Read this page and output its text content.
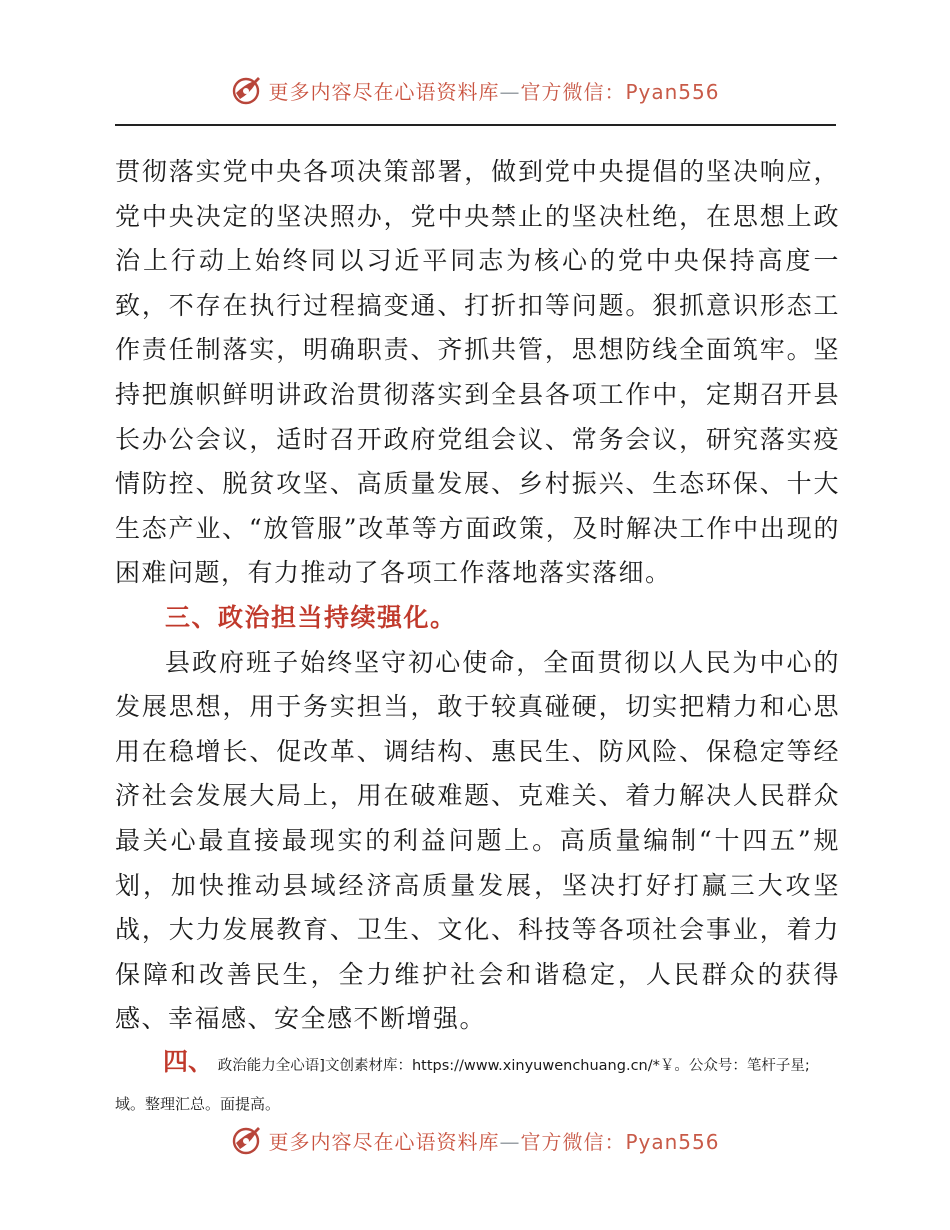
更多内容尽在心语资料库—官方微信：Pyan556

贯彻落实党中央各项决策部署，做到党中央提倡的坚决响应，党中央决定的坚决照办，党中央禁止的坚决杜绝，在思想上政治上行动上始终同以习近平同志为核心的党中央保持高度一致，不存在执行过程搞变通、打折扣等问题。狠抓意识形态工作责任制落实，明确职责、齐抓共管，思想防线全面筑牢。坚持把旗帜鲜明讲政治贯彻落实到全县各项工作中，定期召开县长办公会议，适时召开政府党组会议、常务会议，研究落实疫情防控、脱贫攻坚、高质量发展、乡村振兴、生态环保、十大生态产业、“放管服”改革等方面政策，及时解决工作中出现的困难问题，有力推动了各项工作落地落实落细。

三、政治担当持续强化。

县政府班子始终坚守初心使命，全面贯彻以人民为中心的发展思想，用于务实担当，敢于较真碰硬，切实把精力和心思用在稳增长、促改革、调结构、惠民生、防风险、保稳定等经济社会发展大局上，用在破难题、克难关、着力解决人民群众最关心最直接最现实的利益问题上。高质量编制“十四五”规划，加快推动县域经济高质量发展，坚决打好打赢三大攻坚战，大力发展教育、卫生、文化、科技等各项社会事业，着力保障和改善民生，全力维护社会和谐稳定，人民群众的获得感、幸福感、安全感不断增强。

四、 政治能力全心语]文创素材库：https://www.xinyuwenchuang.cn/*￥。公众号：笔杆子星;

域。整理汇总。面提高。

更多内容尽在心语资料库—官方微信：Pyan556
